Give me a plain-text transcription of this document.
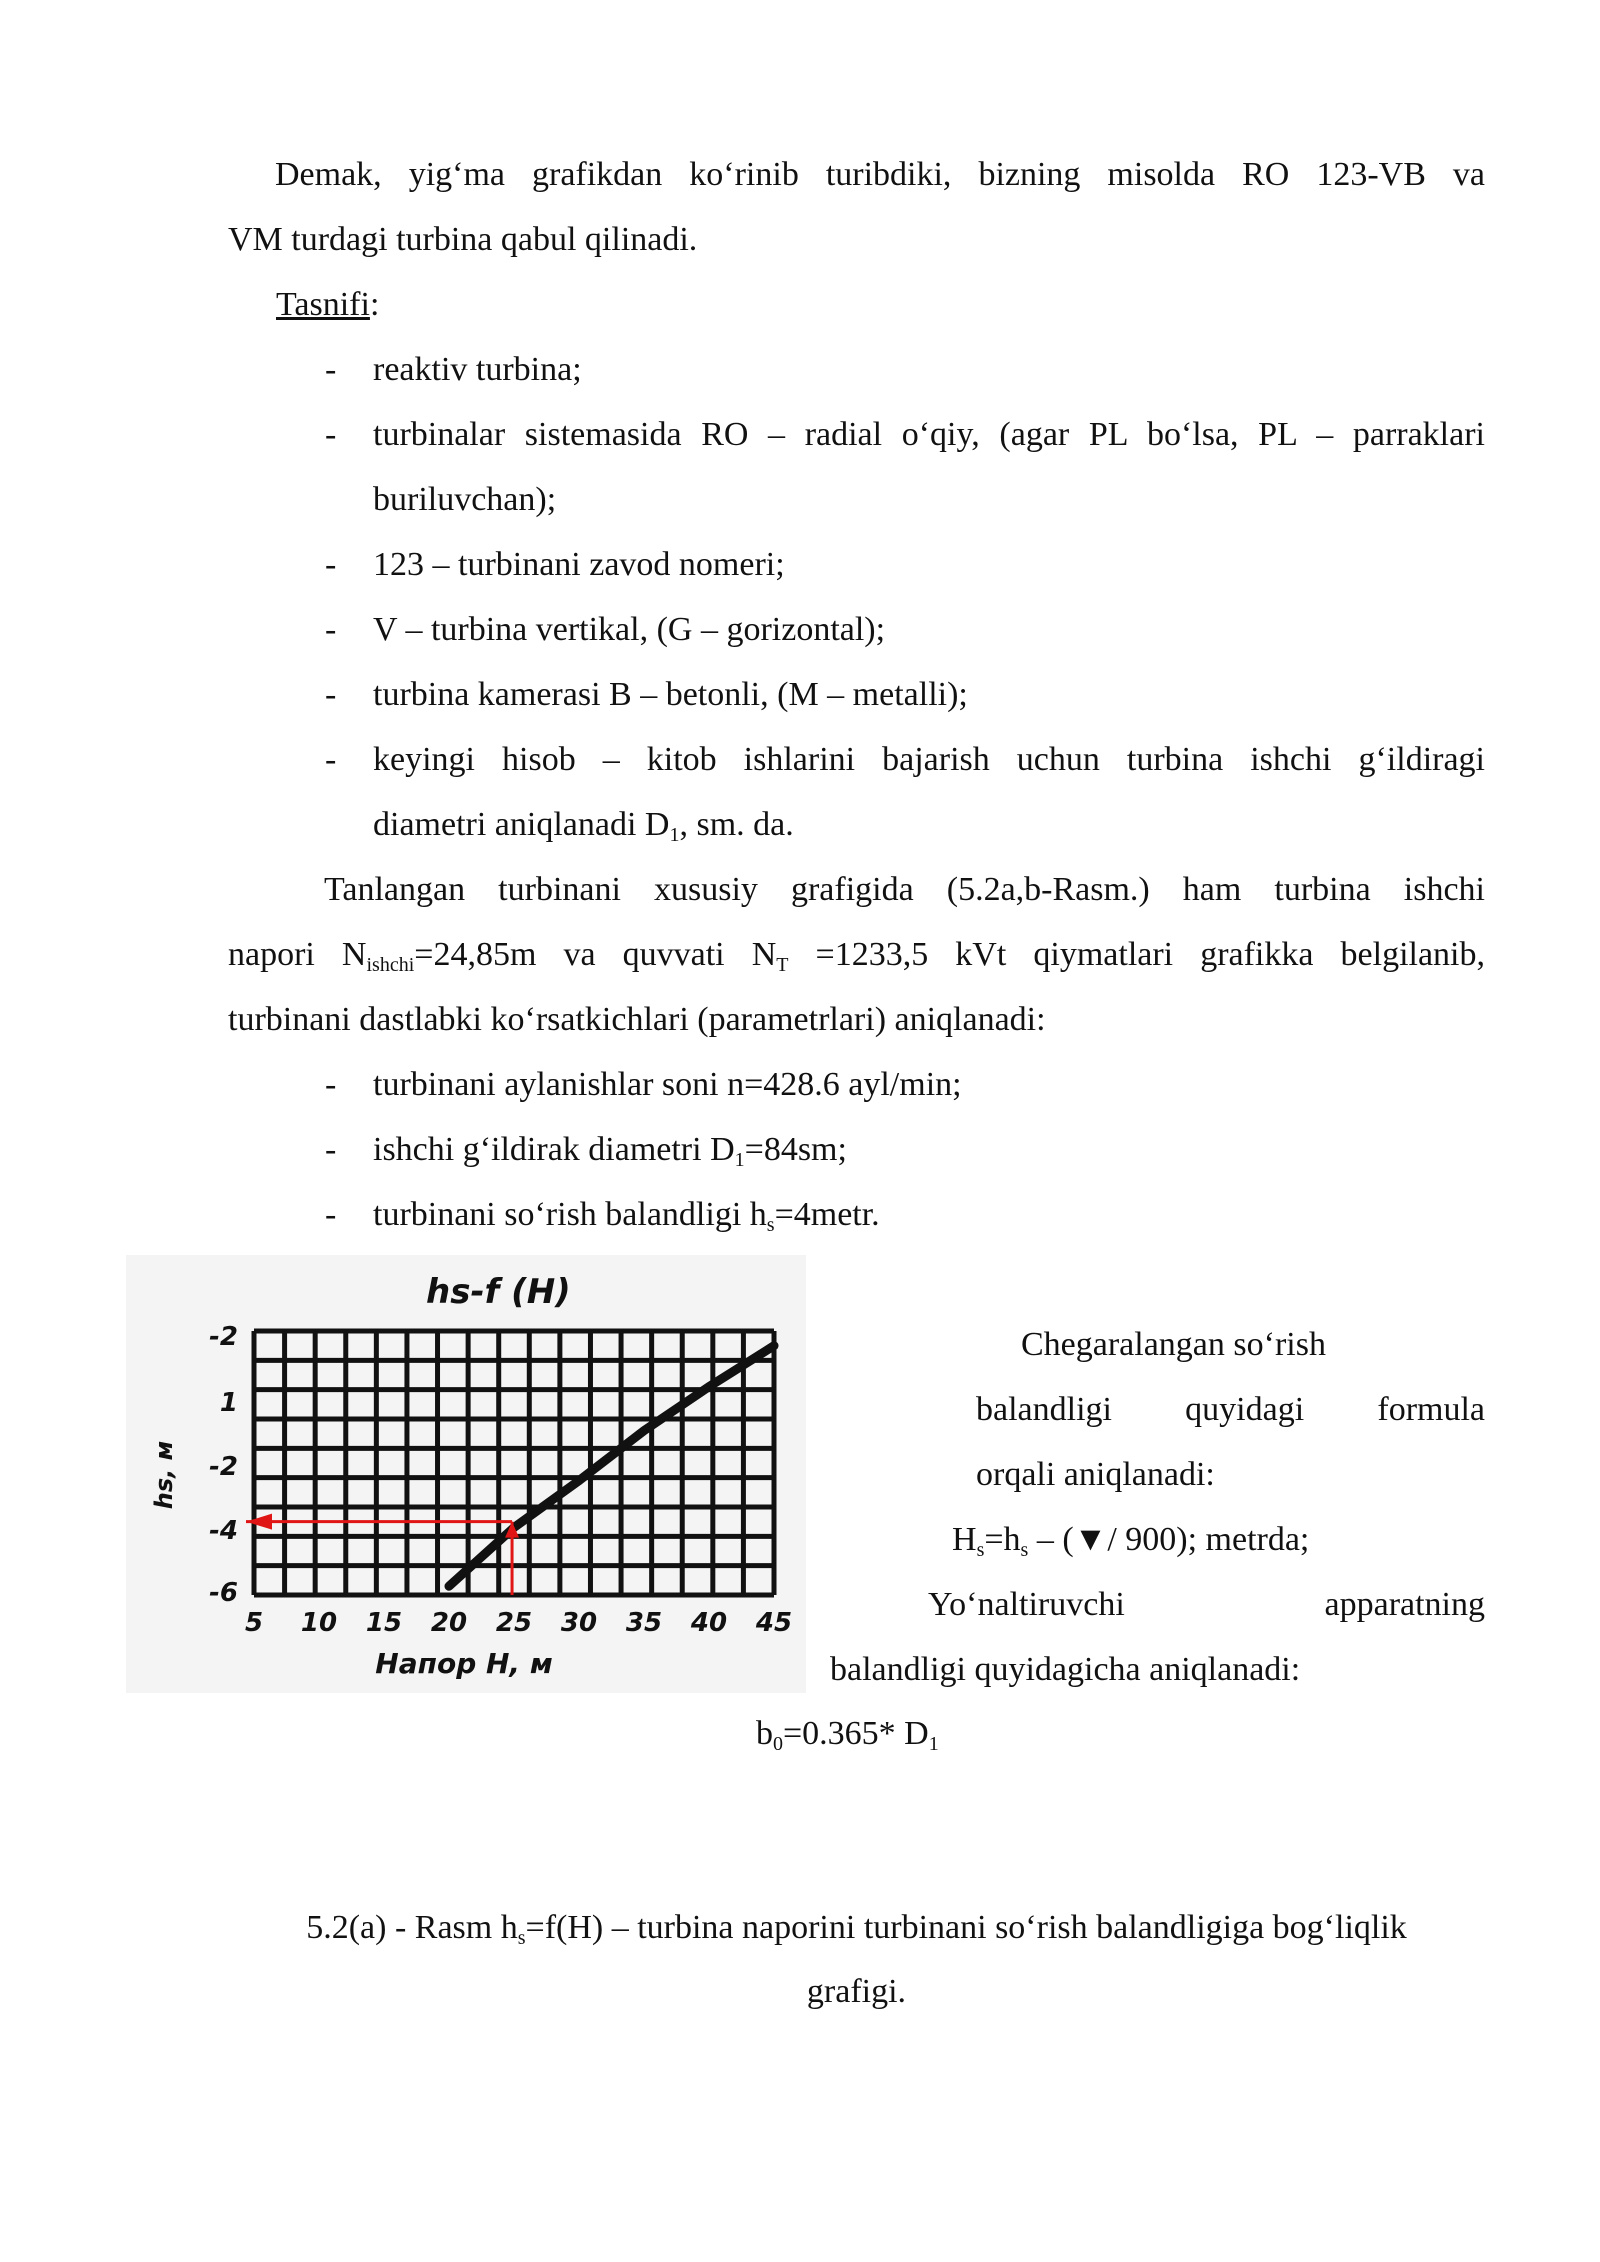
Demak, yig‘ma grafikdan ko‘rinib turibdiki, bizning misolda RO 123-VB va
VM turdagi turbina qabul qilinadi.
Tasnifi:
- reaktiv turbina;
- turbinalar sistemasida RO – radial o‘qiy, (agar PL bo‘lsa, PL – parraklari
buriluvchan);
- 123 – turbinani zavod nomeri;
- V – turbina vertikal, (G – gorizontal);
- turbina kamerasi B – betonli, (M – metalli);
- keyingi hisob – kitob ishlarini bajarish uchun turbina ishchi g‘ildiragi
diametri aniqlanadi $D_1$, sm. da.
Tanlangan turbinani xususiy grafigida (5.2a,b-Rasm.) ham turbina ishchi
napori $N_{ishchi}=24,85m$ va quvvati $N_T =1233,5$ kVt qiymatlari grafikka belgilanib,
turbinani dastlabki ko‘rsatkichlari (parametrlari) aniqlanadi:
- turbinani aylanishlar soni n=428.6 ayl/min;
- ishchi g‘ildirak diametri $D_1=84sm$;
- turbinani so‘rish balandligi $h_s=4metr$.
hs-f (H)
5 10 15 20 25 30 35 40 45
Напор H, м
-2
1
-2
-4
-6
hs, м
Chegaralangan so‘rish
balandligi quyidagi formula
orqali aniqlanadi:
$H_s=h_s$ – (▼/ 900); metrda;
Yo‘naltiruvchi apparatning
balandligi quyidagicha aniqlanadi:
$b_0=0.365*$ $D_1$
5.2(a) - Rasm $h_s=f(H)$ – turbina naporini turbinani so‘rish balandligiga bog‘liqlik
grafigi.
